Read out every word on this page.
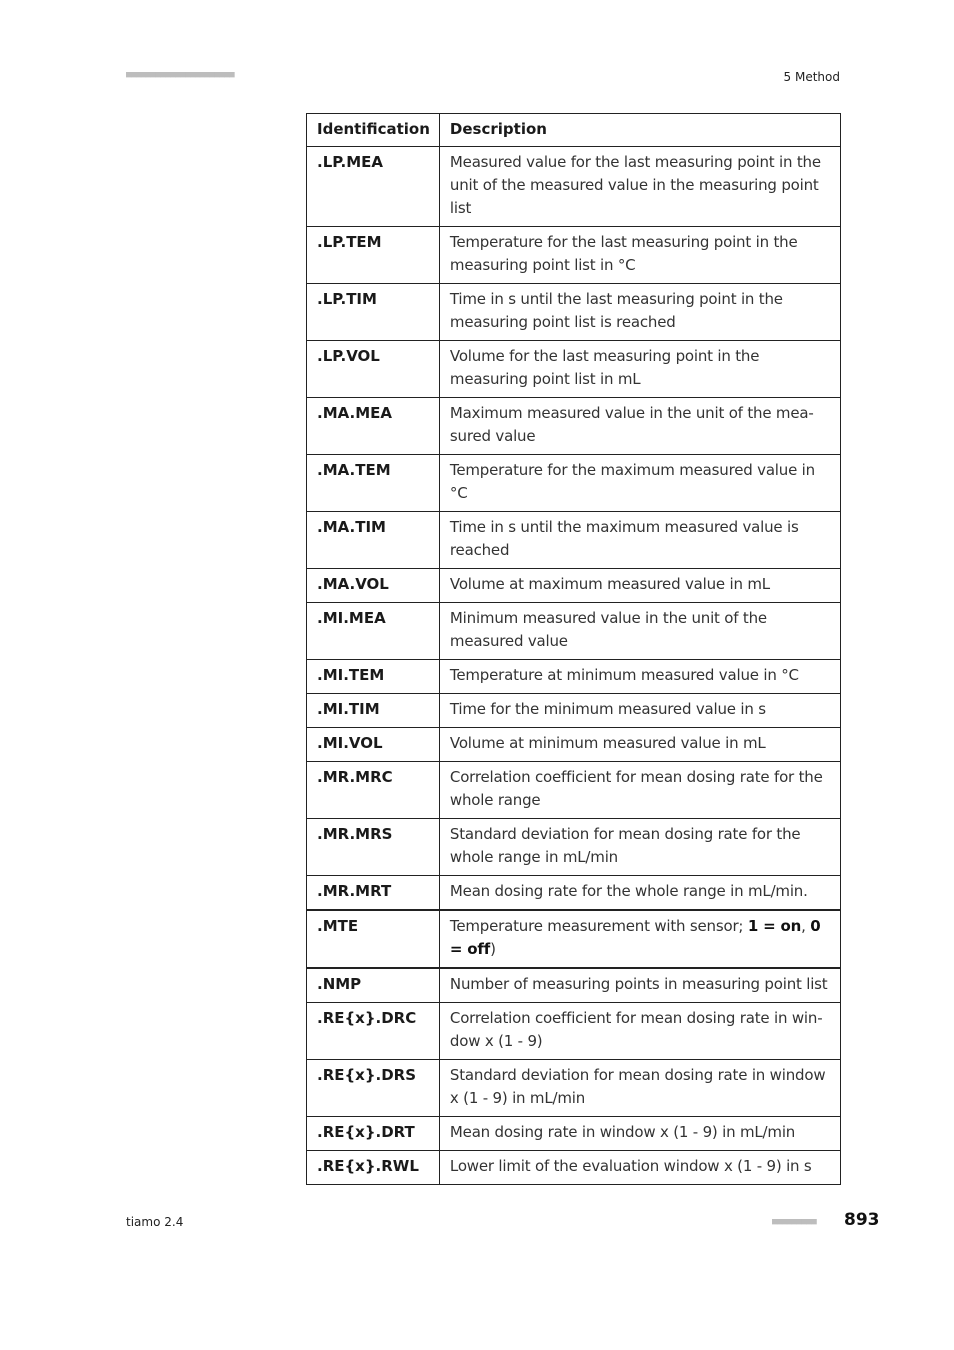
■■■■■■■■■■■■■■■■■■■■■■	5 Method
Identification	Description
.LP.MEA	Measured value for the last measuring point in the unit of the measured value in the measuring point list
.LP.TEM	Temperature for the last measuring point in the measuring point list in °C
.LP.TIM	Time in s until the last measuring point in the measuring point list is reached
.LP.VOL	Volume for the last measuring point in the measuring point list in mL
.MA.MEA	Maximum measured value in the unit of the measured value
.MA.TEM	Temperature for the maximum measured value in °C
.MA.TIM	Time in s until the maximum measured value is reached
.MA.VOL	Volume at maximum measured value in mL
.MI.MEA	Minimum measured value in the unit of the measured value
.MI.TEM	Temperature at minimum measured value in °C
.MI.TIM	Time for the minimum measured value in s
.MI.VOL	Volume at minimum measured value in mL
.MR.MRC	Correlation coefficient for mean dosing rate for the whole range
.MR.MRS	Standard deviation for mean dosing rate for the whole range in mL/min
.MR.MRT	Mean dosing rate for the whole range in mL/min.
.MTE	Temperature measurement with sensor; 1 = on, 0 = off)
.NMP	Number of measuring points in measuring point list
.RE{x}.DRC	Correlation coefficient for mean dosing rate in window x (1 - 9)
.RE{x}.DRS	Standard deviation for mean dosing rate in window x (1 - 9) in mL/min
.RE{x}.DRT	Mean dosing rate in window x (1 - 9) in mL/min
.RE{x}.RWL	Lower limit of the evaluation window x (1 - 9) in s
tiamo 2.4	■■■■■■■■■ 893
